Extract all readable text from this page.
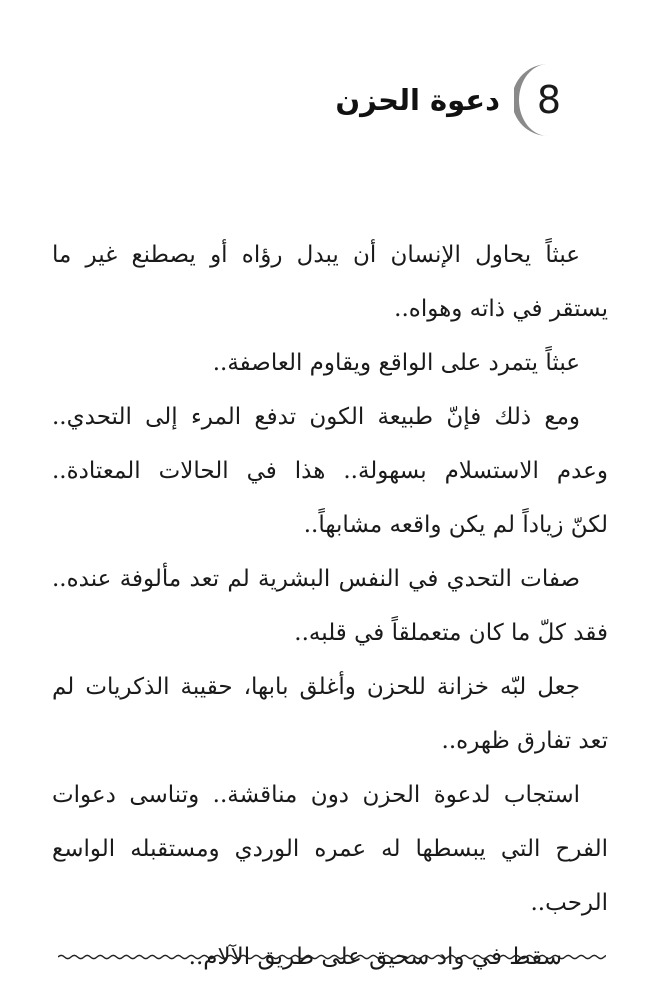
8
دعوة الحزن

عبثاً يحاول الإنسان أن يبدل رؤاه أو يصطنع غير ما
يستقر في ذاته وهواه..

عبثاً يتمرد على الواقع ويقاوم العاصفة..

ومع ذلك فإنّ طبيعة الكون تدفع المرء إلى التحدي..
وعدم الاستسلام بسهولة.. هذا في الحالات المعتادة..
لكنّ زياداً لم يكن واقعه مشابهاً..

صفات التحدي في النفس البشرية لم تعد مألوفة عنده..
فقد كلّ ما كان متعملقاً في قلبه..

جعل لبّه خزانة للحزن وأغلق بابها، حقيبة الذكريات لم
تعد تفارق ظهره..

استجاب لدعوة الحزن دون مناقشة.. وتناسى دعوات
الفرح التي يبسطها له عمره الوردي ومستقبله الواسع
الرحب..

سقط في واد سحيق على طريق الآلام..
